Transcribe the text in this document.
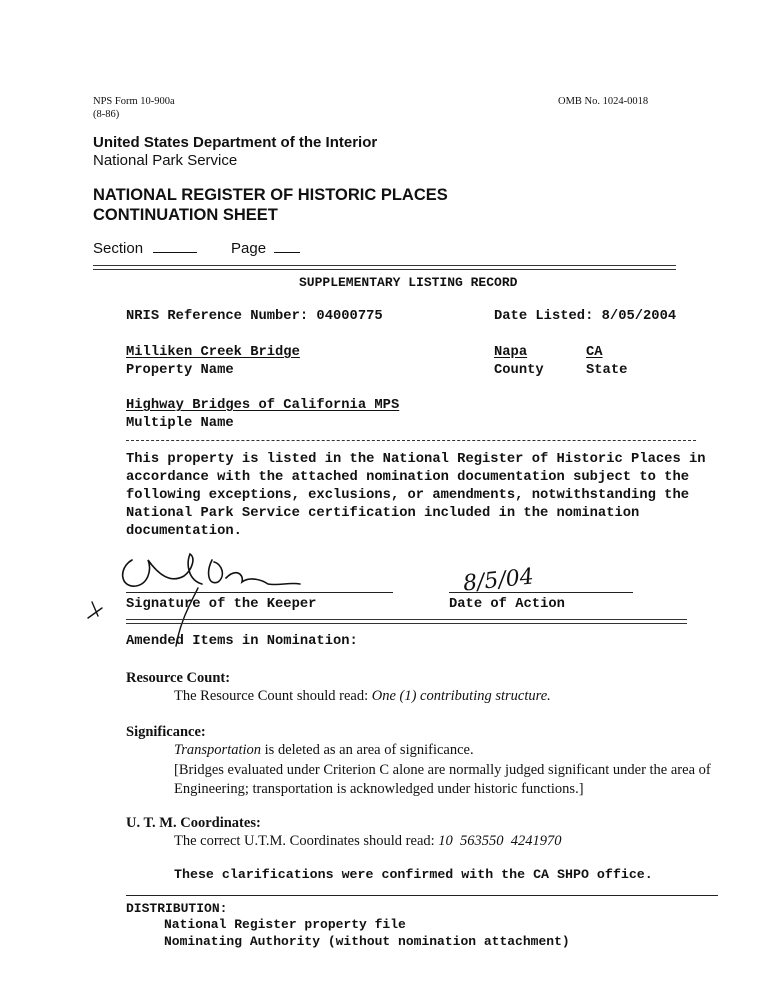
NPS Form 10-900a
(8-86)
OMB No. 1024-0018
United States Department of the Interior
National Park Service
NATIONAL REGISTER OF HISTORIC PLACES
CONTINUATION SHEET
Section	Page
SUPPLEMENTARY LISTING RECORD
NRIS Reference Number: 04000775	Date Listed: 8/05/2004
Milliken Creek Bridge
Property Name
Napa
County
CA
State
Highway Bridges of California MPS
Multiple Name
This property is listed in the National Register of Historic Places in accordance with the attached nomination documentation subject to the following exceptions, exclusions, or amendments, notwithstanding the National Park Service certification included in the nomination documentation.
Signature of the Keeper
8/5/04
Date of Action
Amended Items in Nomination:
Resource Count:
The Resource Count should read: One (1) contributing structure.
Significance:
Transportation is deleted as an area of significance.
[Bridges evaluated under Criterion C alone are normally judged significant under the area of Engineering; transportation is acknowledged under historic functions.]
U. T. M. Coordinates:
The correct U.T.M. Coordinates should read: 10  563550  4241970
These clarifications were confirmed with the CA SHPO office.
DISTRIBUTION:
National Register property file
Nominating Authority (without nomination attachment)
